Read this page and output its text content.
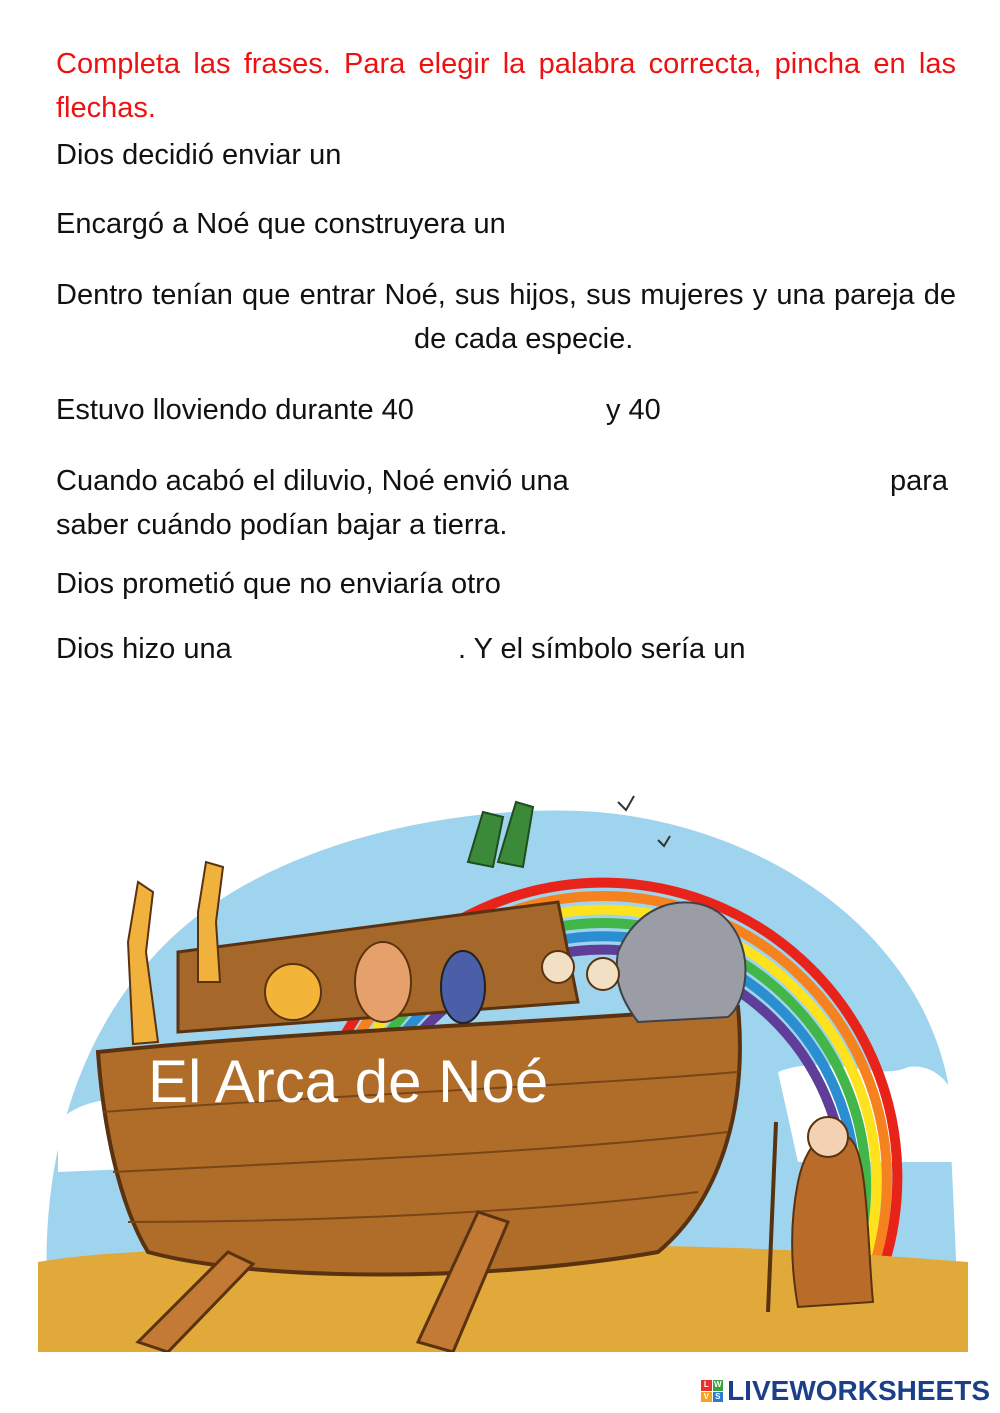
Completa las frases. Para elegir la palabra correcta, pincha en las flechas.
Dios decidió enviar un
Encargó a Noé que construyera un
Dentro tenían que entrar Noé, sus hijos, sus mujeres y una pareja de
de cada especie.
Estuvo lloviendo durante 40	y 40
Cuando acabó el diluvio, Noé envió una	para saber cuándo podían bajar a tierra.
Dios prometió que no enviaría otro
Dios hizo una	. Y el símbolo sería un
El Arca de Noé
L W
V S LIVEWORKSHEETS
